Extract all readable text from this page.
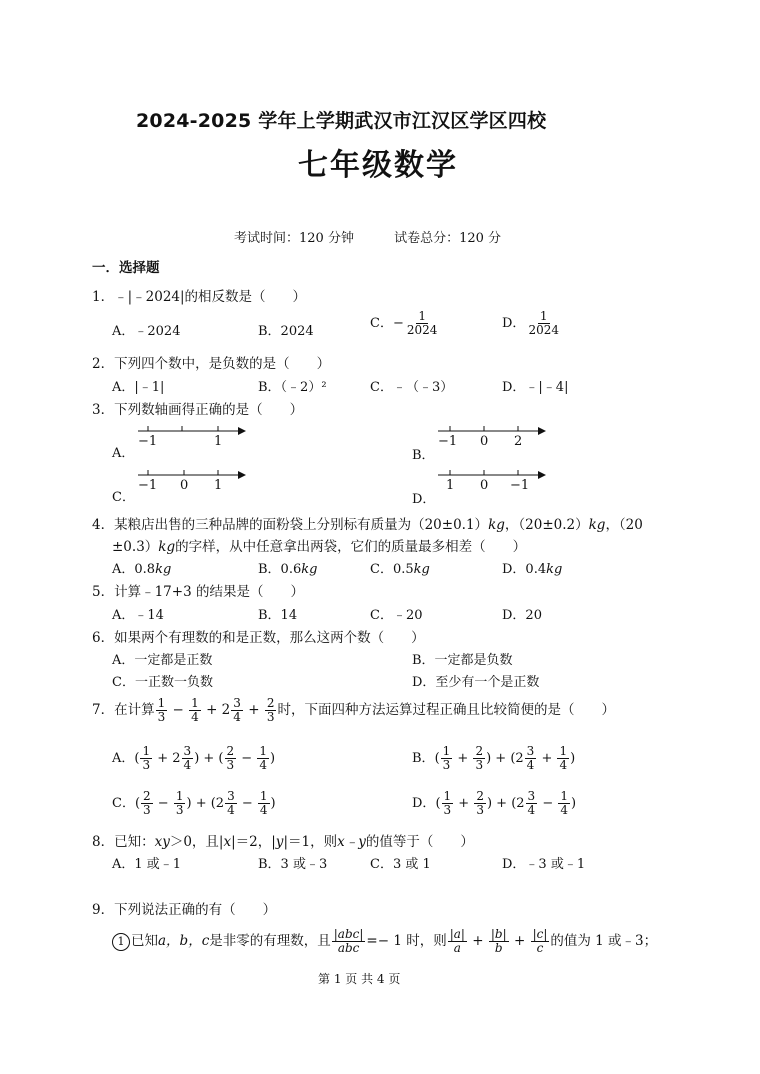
2024-2025 学年上学期武汉市江汉区学区四校
七年级数学
考试时间：120 分钟	试卷总分：120 分
一．选择题
1．﹣|﹣2024|的相反数是（　　）
A．﹣2024	B．2024
C．− $\frac{1}{2024}$	D． $\frac{1}{2024}$
2．下列四个数中，是负数的是（　　）
A．|﹣1|	B．（﹣2）²	C．﹣（﹣3）	D．﹣|﹣4|
3．下列数轴画得正确的是（　　）
A．
−1	1
B．
−1 0 2
C．
−1 0 1
D．
1 0 −1
4．某粮店出售的三种品牌的面粉袋上分别标有质量为（20±0.1）kg，（20±0.2）kg，（20
±0.3）kg的字样，从中任意拿出两袋，它们的质量最多相差（　　）
A．0.8kg	B．0.6kg	C．0.5kg	D．0.4kg
5．计算﹣17+3 的结果是（　　）
A．﹣14	B．14	C．﹣20	D．20
6．如果两个有理数的和是正数，那么这两个数（　　）
A．一定都是正数	B．一定都是负数
C．一正数一负数	D．至少有一个是正数
7．在计算 $\frac{1}{3} - \frac{1}{4} + 2 \frac{3}{4} + \frac{2}{3}$ 时，下面四种方法运算过程正确且比较简便的是（　　）
A．( $\frac{1}{3} + 2 \frac{3}{4}$ ) + ( $\frac{2}{3} - \frac{1}{4}$ )	B．( $\frac{1}{3} + \frac{2}{3}$ ) + ($2 \frac{3}{4} + \frac{1}{4}$ )
C．( $\frac{2}{3} - \frac{1}{3}$ ) + ($2 \frac{3}{4} - \frac{1}{4}$ )	D．( $\frac{1}{3} + \frac{2}{3}$ ) + ($2 \frac{3}{4} - \frac{1}{4}$ )
8．已知：xy＞0，且|x|＝2，|y|＝1，则x﹣y的值等于（　　）
A．1 或﹣1	B．3 或﹣3	C．3 或 1	D．﹣3 或﹣1
9．下列说法正确的有（　　）
1 已知a，b，c是非零的有理数，且 $\frac{\text{|abc|}}{\text{abc}} =- 1$ 时，则 $\frac{|a|}{a} + \frac{|b|}{b} + \frac{|c|}{c}$ 的值为 1 或﹣3；
第 1 页 共 4 页
